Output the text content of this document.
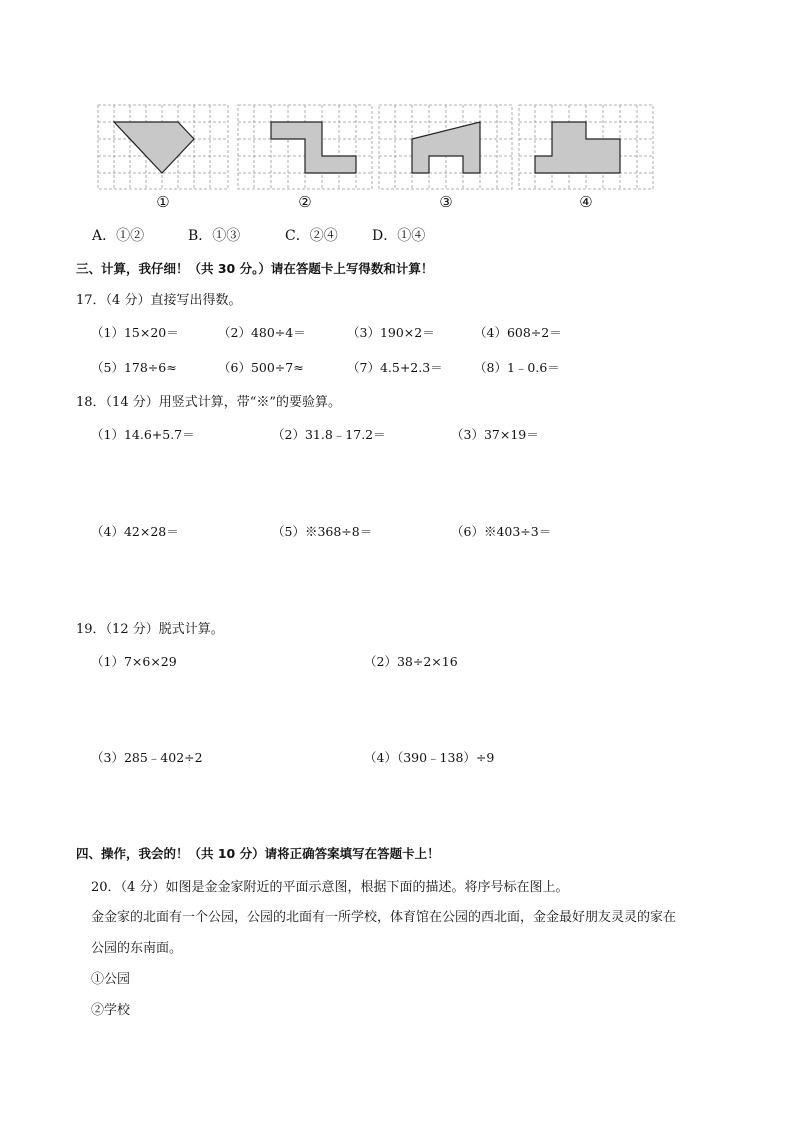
①	②	③	④
A．①②	B．①③	C．②④ D．①④
三、计算，我仔细！（共 30 分。）请在答题卡上写得数和计算！
17．（4 分）直接写出得数。
（1）15×20＝	（2）480÷4＝	（3）190×2＝	（4）608÷2＝
（5）178÷6≈	（6）500÷7≈	（7）4.5+2.3＝	（8）1﹣0.6＝
18．（14 分）用竖式计算，带“※”的要验算。
（1）14.6+5.7＝	（2）31.8﹣17.2＝	（3）37×19＝
（4）42×28＝	（5）※368÷8＝	（6）※403÷3＝
19．（12 分）脱式计算。
（1）7×6×29	（2）38÷2×16
（3）285﹣402÷2	（4）（390﹣138）÷9
四、操作，我会的！（共 10 分）请将正确答案填写在答题卡上！
20．（4 分）如图是金金家附近的平面示意图，根据下面的描述。将序号标在图上。
金金家的北面有一个公园，公园的北面有一所学校，体育馆在公园的西北面，金金最好朋友灵灵的家在
公园的东南面。
①公园
②学校
